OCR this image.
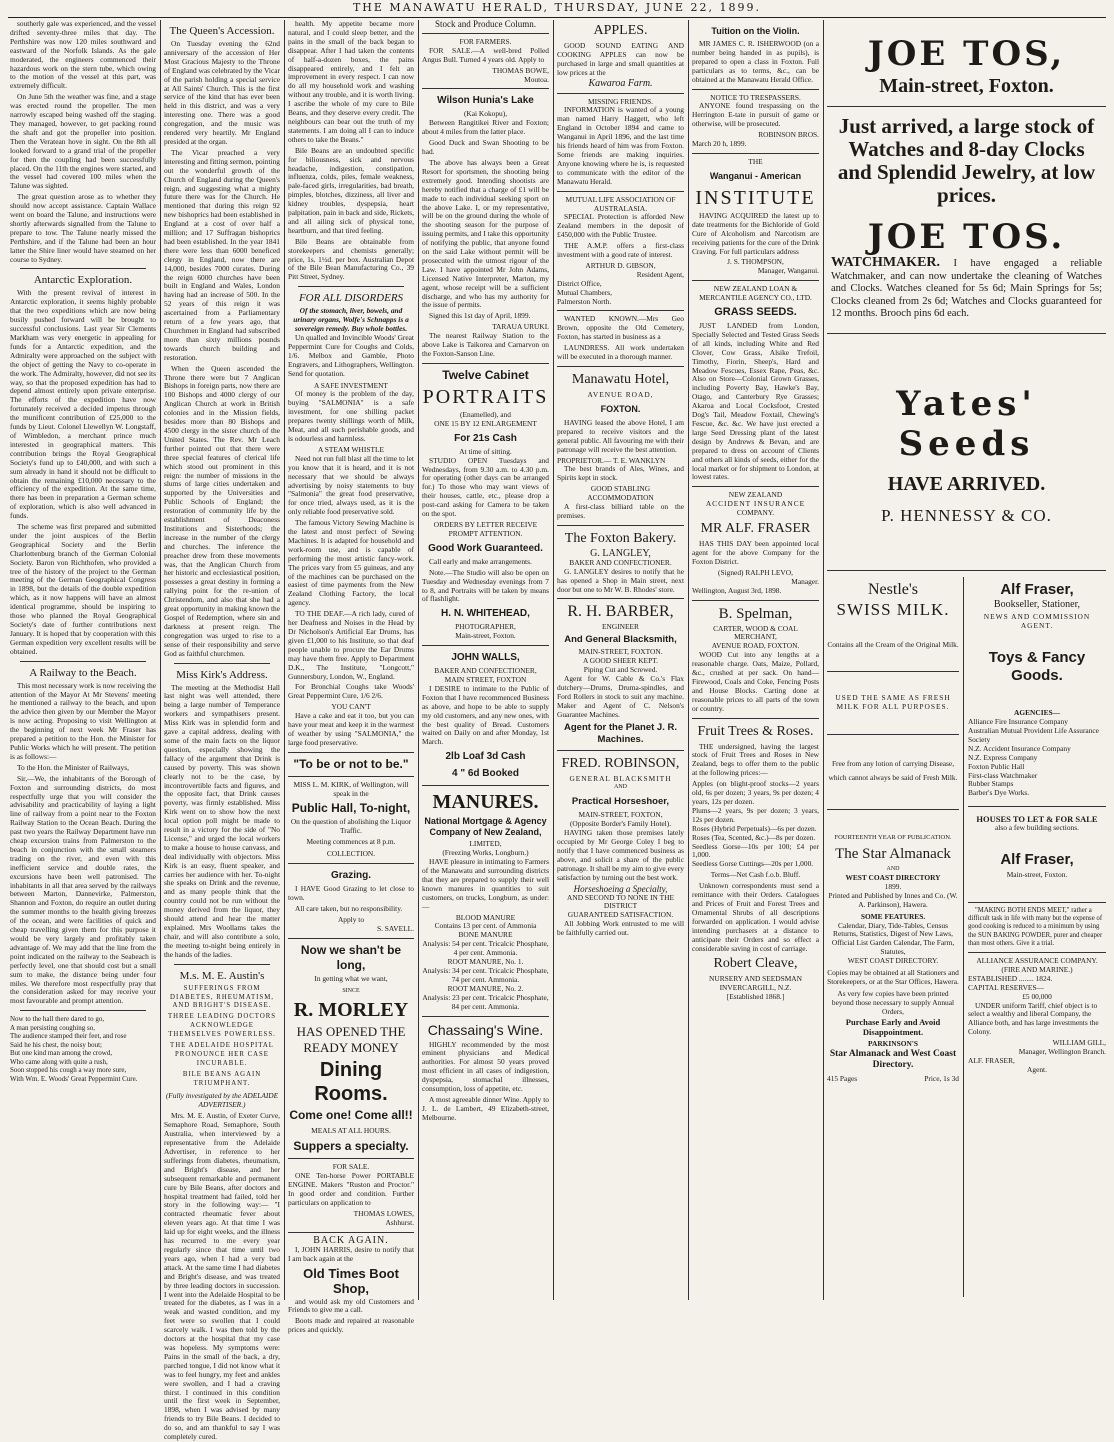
THE MANAWATU HERALD, THURSDAY, JUNE 22, 1899.

southerly gale was experienced, and the vessel drifted seventy-three miles that day. The Perthshire was now 120 miles southward and eastward of the Norfolk Islands. As the gale moderated, the engineers commenced their hazardous work on the stern tube, which owing to the motion of the vessel at this part, was extremely difficult.

On June 5th the weather was fine, and a stage was erected round the propeller. The men narrowly escaped being washed off the staging. They managed, however, to get packing round the shaft and got the propeller into position. Then the Veratean hove in sight. On the 8th all looked forward to a grand trial of the propeller for then the coupling had been successfully placed. On the 11th the engines were started, and the vessel had covered 100 miles when the Talune was sighted.

The great question arose as to whether they should now accept assistance. Captain Wallace went on board the Talune, and instructions were shortly afterwards signalled from the Talune to prepare to tow. The Talune nearly missed the Perthshire, and if the Talune had been an hour latter the Shire liner would have steamed on her course to Sydney.

Antarctic Exploration.

With the present revival of interest in Antarctic exploration, it seems highly probable that the two expeditions which are now being busily pushed forward will be brought to successful conclusions. Last year Sir Clements Markham was very energetic in appealing for funds for a Antarctic expedition, and the Admiralty were approached on the subject with the object of getting the Navy to co-operate in the work. The Admiralty, however, did not see its way, so that the proposed expedition has had to depend almost entirely upon private enterprise. The efforts of the expedition have now fortunately received a decided impetus through the munificent contribution of £25,000 to the funds by Lieut. Colonel Llewellyn W. Longstaff, of Wimbledon, a merchant prince much interested in geographical matters. This contribution brings the Royal Geographical Society's fund up to £40,000, and with such a sum already in hand it should not be difficult to obtain the remaining £10,000 necessary to the efficiency of the expedition. At the same time, there has been in preparation a German scheme of exploration, which is also well advanced in funds.

The scheme was first prepared and submitted under the joint auspices of the Berlin Geographical Society and the Berlin Charlottenburg branch of the German Colonial Society. Baron von Richthofen, who provided a tree of the history of the project to the German meeting of the German Geographical Congress in 1898, but the details of the double expedition which, as it now happens will have an almost identical programme, should be inspiring to those who planned the Royal Geographical Society's date of further contributions next January. It is hoped that by cooperation with this German expedition very excellent results will be obtained.

A Railway to the Beach.

This most necessary work is now receiving the attention of the Mayor At Mr Stevens' meeting he mentioned a railway to the beach, and upon the advice then given by our Member the Mayor is now acting. Proposing to visit Wellington at the beginning of next week Mr Fraser has prepared a petition to the Hon. the Minister for Public Works which he will present. The petition is as follows:—

To the Hon. the Minister of Railways,

Sir,—We, the inhabitants of the Borough of Foxton and surrounding districts, do most respectfully urge that you will consider the advisability and practicability of laying a light line of railway from a point near to the Foxton Railway Station to the Ocean Beach. During the past two years the Railway Department have run cheap excursion trains from Palmerston to the beach in conjunction with the small steamers trading on the river, and even with this inefficient service and double rates, the excursions have been well patronised. The inhabitants in all that area served by the railways between Marton, Dannevirke, Palmerston, Shannon and Foxton, do require an outlet during the summer months to the health giving breezes of the ocean, and were facilities of quick and cheap travelling given them for this purpose it would be very largely and profitably taken advantage of. We may add that the line from the point indicated on the railway to the Seabeach is perfectly level, one that should cost but a small sum to make, the distance being under four miles. We therefore most respectfully pray that the consideration asked for may receive your most favourable and prompt attention.

Now to the hall there dared to go,
A man persisting coughing so,
The audience stamped their feet, and rose
Said he his chest, the noisy bout;
But one kind man among the crowd,
Who came along with quite a rush,
Soon stopped his cough a way more sure,
With Wm. E. Woods' Great Peppermint Cure.
The Queen's Accession.

On Tuesday evening the 62nd anniversary of the accession of Her Most Gracious Majesty to the Throne of England was celebrated by the Vicar of the parish holding a special service at All Saints' Church. This is the first service of the kind that has ever been held in this district, and was a very interesting one. There was a good congregation, and the music was rendered very heartily. Mr England presided at the organ.

The Vicar preached a very interesting and fitting sermon, pointing out the wonderful growth of the Church of England during the Queen's reign, and suggesting what a mighty future there was for the Church. He mentioned that during this reign 92 new bishoprics had been established in England at a cost of over half a million; and 17 Suffragan bishoprics had been established. In the year 1841 there were less than 6000 beneficed clergy in England, now there are 14,000, besides 7000 curates. During the reign 6000 churches have been built in England and Wales, London having had an increase of 500. In the 52 years of this reign it was ascertained from a Parliamentary return of a few years ago, that Churchmen in England had subscribed more than sixty millions pounds towards church building and restoration.

When the Queen ascended the Throne there were but 7 Anglican Bishops in foreign parts, now there are 100 Bishops and 4000 clergy of our Anglican Church at work in British colonies and in the Mission fields, besides more than 80 Bishops and 4500 clergy in the sister church of the United States. The Rev. Mr Leach further pointed out that there were three special features of clerical life which stood out prominent in this reign: the number of missions in the slums of large cities undertaken and supported by the Universities and Public Schools of England; the restoration of community life by the establishment of Deaconess Institutions and Sisterhoods; the increase in the number of the clergy and churches. The inference the preacher drew from these movements was, that the Anglican Church from her historic and ecclesiastical position, possesses a great destiny in forming a rallying point for the re-union of Christendom, and also that she had a great opportunity in making known the Gospel of Redemption, where sin and darkness at present reign. The congregation was urged to rise to a sense of their responsibility and serve God as faithful churchmen.

Miss Kirk's Address.

The meeting at the Methodist Hall last night was well attended, there being a large number of Temperance workers and sympathisers present. Miss Kirk was in splendid form and gave a capital address, dealing with some of the main facts on the liquor question, especially showing the fallacy of the argument that Drink is caused by poverty. This was shown clearly not to be the case, by incontrovertible facts and figures, and the opposite fact, that Drink causes poverty, was firmly established. Miss Kirk went on to show how the next local option poll might be made to result in a victory for the side of "No License," and urged the local workers to make a house to house canvass, and deal individually with objectors. Miss Kirk is an easy, fluent speaker, and carries her audience with her. To-night she speaks on Drink and the revenue, and as many people think that the country could not be run without the money derived from the liquor, they should attend and hear the matter explained. Mrs Woollams takes the chair, and will also contribute a solo, the meeting to-night being entirely in the hands of the ladies.

M.s. M. E. Austin's
SUFFERINGS FROM DIABETES, RHEUMATISM, AND BRIGHT'S DISEASE.
THREE LEADING DOCTORS ACKNOWLEDGE THEMSELVES POWERLESS.
THE ADELAIDE HOSPITAL PRONOUNCE HER CASE INCURABLE.
BILE BEANS AGAIN TRIUMPHANT.
(Fully investigated by the ADELAIDE ADVERTISER.)

Mrs. M. E. Austin, of Exeter Curve, Semaphore Road, Semaphore, South Australia, when interviewed by a representative from the Adelaide Advertiser, in reference to her sufferings from diabetes, rheumatism, and Bright's disease, and her subsequent remarkable and permanent cure by Bile Beans, after doctors and hospital treatment had failed, told her story in the following way:— "I contracted rheumatic fever about eleven years ago. At that time I was laid up for eight weeks, and the illness has recurred to me every year regularly since that time until two years ago, when I had a very bad attack. At the same time I had diabetes and Bright's disease, and was treated by three leading doctors in succession. I went into the Adelaide Hospital to be treated for the diabetes, as I was in a weak and wasted condition, and my feet were so swollen that I could scarcely walk. I was then told by the doctors at the hospital that my case was hopeless. My symptoms were: Pains in the small of the back, a dry, parched tongue, I did not know what it was to feel hungry, my feet and ankles were swollen, and I had a craving thirst. I continued in this condition until the first week in September, 1898, when I was advised by many friends to try Bile Beans. I decided to do so, and am thankful to say I was completely cured.

health. My appetite became more natural, and I could sleep better, and the pains in the small of the back began to disappear. After I had taken the contents of half-a-dozen boxes, the pains disappeared entirely, and I felt an improvement in every respect. I can now do all my household work and washing without any trouble, and it is worth living. I ascribe the whole of my cure to Bile Beans, and they deserve every credit. The neighbours can bear out the truth of my statements. I am doing all I can to induce others to take the Beans."

Bile Beans are an undoubted specific for biliousness, sick and nervous headache, indigestion, constipation, influenza, colds, piles, female weakness, pale-faced girls, irregularities, bad breath, pimples, blotches, dizziness, all liver and kidney troubles, dyspepsia, heart palpitation, pain in back and side, Rickets, and all ailing sick of physical tone, heartburn, and that tired feeling.

Bile Beans are obtainable from storekeepers and chemists generally; price, 1s. 1½d. per box. Australian Depot of the Bile Bean Manufacturing Co., 39 Pitt Street, Sydney.

FOR ALL DISORDERS
Of the stomach, liver, bowels, and urinary organs, Wolfe's Schnapps is a sovereign remedy. Buy whole bottles.

Un qualled and Invincible Woods' Great Peppermint Cure for Coughs and Colds, 1/6. Melbox and Gamble, Photo Engravers, and Lithographers, Wellington. Send for quotation.

A SAFE INVESTMENT

Of money is the problem of the day, buying "SALMONIA" is a safe investment, for one shilling packet prepares twenty shillings worth of Milk, Meat, and all such perishable goods, and is odourless and harmless.

A STEAM WHISTLE

Need not run full blast all the time to let you know that it is heard, and it is not necessary that we should be always advertising by noisy statements to buy "Salmonia" the great food preservative, for once tried, always used, as it is the only reliable food preservative sold.

The famous Victory Sewing Machine is the latest and most perfect of Sewing Machines. It is adapted for household and work-room use, and is capable of performing the most artistic fancy-work. The prices vary from £5 guineas, and any of the machines can be purchased on the easiest of time payments from the New Zealand Clothing Factory, the local agency.

TO THE DEAF.—A rich lady, cured of her Deafness and Noises in the Head by Dr Nicholson's Artificial Ear Drums, has given £1,000 to his Institute, so that deaf people unable to procure the Ear Drums may have them free. Apply to Department D.K., The Institute, "Longcott," Gunnersbury, London, W., England.

For Bronchial Coughs take Woods' Great Peppermint Cure, 1/6 2/6.

YOU CAN'T

Have a cake and eat it too, but you can have your meat and keep it in the warmest of weather by using "SALMONIA," the large food preservative.

"To be or not to be."
MISS L. M. KIRK, of Wellington, will speak in the
Public Hall, To-night,
On the question of abolishing the Liquor Traffic.
Meeting commences at 8 p.m.
COLLECTION.
Grazing.

I HAVE Good Grazing to let close to town.

All care taken, but no responsibility.

Apply to
S. SAVELL.
Now we shan't be long,
In getting what we want,
SINCE
R. MORLEY
HAS OPENED THE
READY MONEY
Dining Rooms.
Come one! Come all!!
MEALS AT ALL HOURS.
Suppers a specialty.
FOR SALE.

ONE Ten-horse Power PORTABLE ENGINE. Makers "Ruston and Proctor." In good order and condition. Further particulars on application to

THOMAS LOWES,
Ashhurst.
BACK AGAIN.

I, JOHN HARRIS, desire to notify that I am back again at the

Old Times Boot Shop,

and would ask my old Customers and Friends to give me a call.

Boots made and repaired at reasonable prices and quickly.

Stock and Produce Column.
FOR FARMERS.

FOR SALE.—A well-bred Polled Angus Bull. Turned 4 years old. Apply to

THOMAS BOWE,
Moutoa.
Wilson Hunia's Lake
(Kai Kokopu),

Between Rangitikei River and Foxton; about 4 miles from the latter place.

Good Duck and Swan Shooting to be had.

The above has always been a Great Resort for sportsmen, the shooting being extremely good. Intending shootists are hereby notified that a charge of £1 will be made to each individual seeking sport on the above Lake. I, or my representative, will be on the ground during the whole of the shooting season for the purpose of issuing permits, and I take this opportunity of notifying the public, that anyone found on the said Lake without permit will be prosecuted with the utmost rigour of the Law. I have appointed Mr John Adams, Licensed Native Interpreter, Marton, my agent, whose receipt will be a sufficient discharge, and who has my authority for the issue of permits.

Signed this 1st day of April, 1899.

TARAUA URUKI.

The nearest Railway Station to the above Lake is Taikorea and Carnarvon on the Foxton-Sanson Line.

Twelve Cabinet
PORTRAITS
(Enamelled), and
ONE 15 BY 12 ENLARGEMENT
For 21s Cash
At time of sitting.

STUDIO OPEN Tuesdays and Wednesdays, from 9.30 a.m. to 4.30 p.m. for operating (other days can be arranged for.) To those who may want views of their houses, cattle, etc., please drop a post-card asking for Camera to be taken on the spot.

ORDERS BY LETTER RECEIVE PROMPT ATTENTION.
Good Work Guaranteed.

Call early and make arrangements.

Note.—The Studio will also be open on Tuesday and Wednesday evenings from 7 to 8, and Portraits will be taken by means of flashlight.

H. N. WHITEHEAD,
PHOTOGRAPHER,
Main-street, Foxton.
JOHN WALLS,
BAKER AND CONFECTIONER,
MAIN STREET, FOXTON

I DESIRE to intimate to the Public of Foxton that I have recommenced Business as above, and hope to be able to supply my old customers, and any new ones, with the best quality of Bread. Customers waited on Daily on and after Monday, 1st March.

2lb Loaf 3d Cash
4 " 6d Booked
MANURES.
National Mortgage & Agency Company of New Zealand,
LIMITED,
(Freezing Works, Longburn.)

HAVE pleasure in intimating to Farmers of the Manawatu and surrounding districts that they are prepared to supply their well known manures in quantities to suit customers, on trucks, Longburn, as under:—

BLOOD MANURE
Contains 13 per cent. of Ammonia
BONE MANURE
Analysis: 54 per cent. Tricalcic Phosphate, 4 per cent. Ammonia.
ROOT MANURE, No. 1.
Analysis: 34 per cent. Tricalcic Phosphate, 74 per cent. Ammonia.
ROOT MANURE, No. 2.
Analysis: 23 per cent. Tricalcic Phosphate, 84 per cent. Ammonia.
Chassaing's Wine.

HIGHLY recommended by the most eminent physicians and Medical authorities. For almost 50 years proved most efficient in all cases of indigestion, dyspepsia, stomachal illnesses, consumption, loss of appetite, etc.

A most agreeable dinner Wine. Apply to J. L. de Lambert, 49 Elizabeth-street, Melbourne.

APPLES.

GOOD SOUND EATING AND COOKING APPLES can now be purchased in large and small quantities at low prices at the

Kawaroa Farm.
MISSING FRIENDS.

INFORMATION is wanted of a young man named Harry Haggett, who left England in October 1894 and came to Wanganui in April 1896, and the last time his friends heard of him was from Foxton. Some friends are making inquiries. Anyone knowing where he is, is requested to communicate with the editor of the Manawatu Herald.

MUTUAL LIFE ASSOCIATION OF AUSTRALASIA.

SPECIAL Protection is afforded New Zealand members in the deposit of £450,000 with the Public Trustee.

THE A.M.P. offers a first-class investment with a good rate of interest.

ARTHUR D. GIBSON,
Resident Agent,
District Office,
Mutual Chambers,
Palmerston North.

WANTED KNOWN.—Mrs Geo Brown, opposite the Old Cemetery, Foxton, has started in business as a

LAUNDRESS. All work undertaken will be executed in a thorough manner.

Manawatu Hotel,
AVENUE ROAD,
FOXTON.

HAVING leased the above Hotel, I am prepared to receive visitors and the general public. All favouring me with their patronage will receive the best attention.

PROPRIETOR.— T. E. WANKLYN

The best brands of Ales, Wines, and Spirits kept in stock.

GOOD STABLING ACCOMMODATION

A first-class billiard table on the premises.

The Foxton Bakery.
G. LANGLEY,
BAKER AND CONFECTIONER.

G. LANGLEY desires to notify that he has opened a Shop in Main street, next door but one to Mr W. B. Rhodes' store.

R. H. BARBER,
ENGINEER
And General Blacksmith,
MAIN-STREET, FOXTON.
A GOOD SHEER KEPT.
Piping Cut and Screwed.

Agent for W. Cable & Co.'s Flax dutchery—Drums, Druma-spindles, and Ford Rollers in stock to suit any machine. Maker and Agent of C. Nelson's Guarantee Machines.

Agent for the Planet J. R. Machines.
FRED. ROBINSON,
GENERAL BLACKSMITH
AND
Practical Horseshoer,
MAIN-STREET, FOXTON,
(Opposite Border's Family Hotel).

HAVING taken those premises lately occupied by Mr George Coley I beg to notify that I have commenced business as above, and solicit a share of the public patronage. It shall be my aim to give every satisfaction by turning out the best work.

Horseshoeing a Specialty,
AND SECOND TO NONE IN THE DISTRICT
GUARANTEED SATISFACTION.

All Jobbing Work entrusted to me will be faithfully carried out.

Tuition on the Violin.

MR JAMES C. R. ISHERWOOD (on a number being handed in as pupils), is prepared to open a class in Foxton. Full particulars as to terms, &c., can be obtained at the Manawatu Herald Office.

NOTICE TO TRESPASSERS.

ANYONE found trespassing on the Herrington E-tate in pursuit of game or otherwise, will be prosecuted.

ROBINSON BROS.
March 20 h, 1899.
THE
Wanganui - American
INSTITUTE

HAVING ACQUIRED the latest up to date treatments for the Bichloride of Gold Cure of Alcoholism and Narcotism are receiving patients for the cure of the Drink Craving. For full particulars address

J. S. THOMPSON,
Manager, Wanganui.
NEW ZEALAND LOAN & MERCANTILE AGENCY CO., LTD.
GRASS SEEDS.

JUST LANDED from London, Specially Selected and Tested Grass Seeds of all kinds, including White and Red Clover, Cow Grass, Alsike Trefoil, Timothy, Fiorin, Sheep's, Hard and Meadow Fescues, Essex Rape, Peas, &c. Also on Store—Colonial Grown Grasses, including Poverty Bay, Hawke's Bay, Otago, and Canterbury Rye Grasses; Akaroa and Local Cocksfoot, Crested Dog's Tail, Meadow Foxtail, Chewing's Fescue, &c. &c. We have just erected a large Seed Dressing plant of the latest design by Andrews & Bevan, and are prepared to dress on account of Clients and others all kinds of seeds, either for the local market or for shipment to London, at lowest rates.

NEW ZEALAND
ACCIDENT INSURANCE
COMPANY.
MR ALF. FRASER

HAS THIS DAY been appointed local agent for the above Company for the Foxton District.

(Signed) RALPH LEVO,
Manager.
Wellington, August 3rd, 1898.
B. Spelman,
CARTER, WOOD & COAL MERCHANT,
AVENUE ROAD, FOXTON.

WOOD Cut into any lengths at a reasonable charge. Oats, Maize, Pollard, &c., crushed at per sack. On hand—Firewood, Coals and Coke, Fencing Posts and House Blocks. Carting done at reasonable prices to all parts of the town or country.

Fruit Trees & Roses.

THE undersigned, having the largest stock of Fruit Trees and Roses in New Zealand, begs to offer them to the public at the following prices:—

Apples (on blight-proof stocks—2 years old, 6s per dozen; 3 years, 9s per dozen; 4 years, 12s per dozen.
Plums—2 years, 9s per dozen; 3 years, 12s per dozen.
Roses (Hybrid Perpetuals)—6s per dozen.
Roses (Tea, Scented, &c.)—8s per dozen.
Seedless Gorse—10s per 100; £4 per 1,000.
Seedless Gorse Cuttings—20s per 1,000.
Terms—Net Cash f.o.b. Bluff.

Unknown correspondents must send a remittance with their Orders. Catalogues and Prices of Fruit and Forest Trees and Ornamental Shrubs of all descriptions forwarded on application. I would advise intending purchasers at a distance to anticipate their Orders and so effect a considerable saving in cost of carriage.

Robert Cleave,
NURSERY AND SEEDSMAN
INVERCARGILL, N.Z.
[Established 1868.]
JOE TOS,
Main-street, Foxton.
Just arrived, a large stock of Watches and 8-day Clocks and Splendid Jewelry, at low prices.
JOE TOS.
WATCHMAKER. I have engaged a reliable Watchmaker, and can now undertake the cleaning of Watches and Clocks. Watches cleaned for 5s 6d; Main Springs for 5s; Clocks cleaned from 2s 6d; Watches and Clocks guaranteed for 12 months. Brooch pins 6d each.
Yates' Seeds
HAVE ARRIVED.
P. HENNESSY & CO.
Nestle's
SWISS MILK.
Contains all the Cream of the Original Milk.
USED THE SAME AS FRESH MILK FOR ALL PURPOSES.
Free from any lotion of carrying Disease, which cannot always be said of Fresh Milk.
FOURTEENTH YEAR OF PUBLICATION.
The Star Almanack
AND
WEST COAST DIRECTORY
1899.
Printed and Published by Innes and Co. (W. A. Parkinson), Hawera.
SOME FEATURES.
Calendar, Diary, Tide-Tables, Census Returns, Statistics, Digest of New Laws, Official List Garden Calendar, The Farm, Statutes,
WEST COAST DIRECTORY.
Copies may be obtained at all Stationers and Storekeepers, or at the Star Offices, Hawera.
As very few copies have been printed beyond those necessary to supply Annual Orders,
Purchase Early and Avoid Disappointment.
PARKINSON'S
Star Almanack and West Coast Directory.
415 Pages	Price, 1s 3d
Alf Fraser,
Bookseller, Stationer,
NEWS AND COMMISSION AGENT.
Toys & Fancy Goods.
AGENCIES—
Alliance Fire Insurance Company
Australian Mutual Provident Life Assurance Society
N.Z. Accident Insurance Company
N.Z. Express Company
Foxton Public Hall
First-class Watchmaker
Rubber Stamps
Barber's Dye Works.
HOUSES TO LET & FOR SALE
also a few building sections.
Alf Fraser,
Main-street, Foxton.

"MAKING BOTH ENDS MEET," rather a difficult task in life with many but the expense of good cooking is reduced to a minimum by using the SUN BAKING POWDER, purer and cheaper than most others. Give it a trial.

ALLIANCE ASSURANCE COMPANY.
(FIRE AND MARINE.)
ESTABLISHED ........ 1824.
CAPITAL RESERVES—
£5 00,000

UNDER uniform Tariff, chief object is to select a wealthy and liberal Company, the Alliance both, and has large investments the Colony.

WILLIAM GILL,
Manager, Wellington Branch.
ALF. FRASER,
Agent.
